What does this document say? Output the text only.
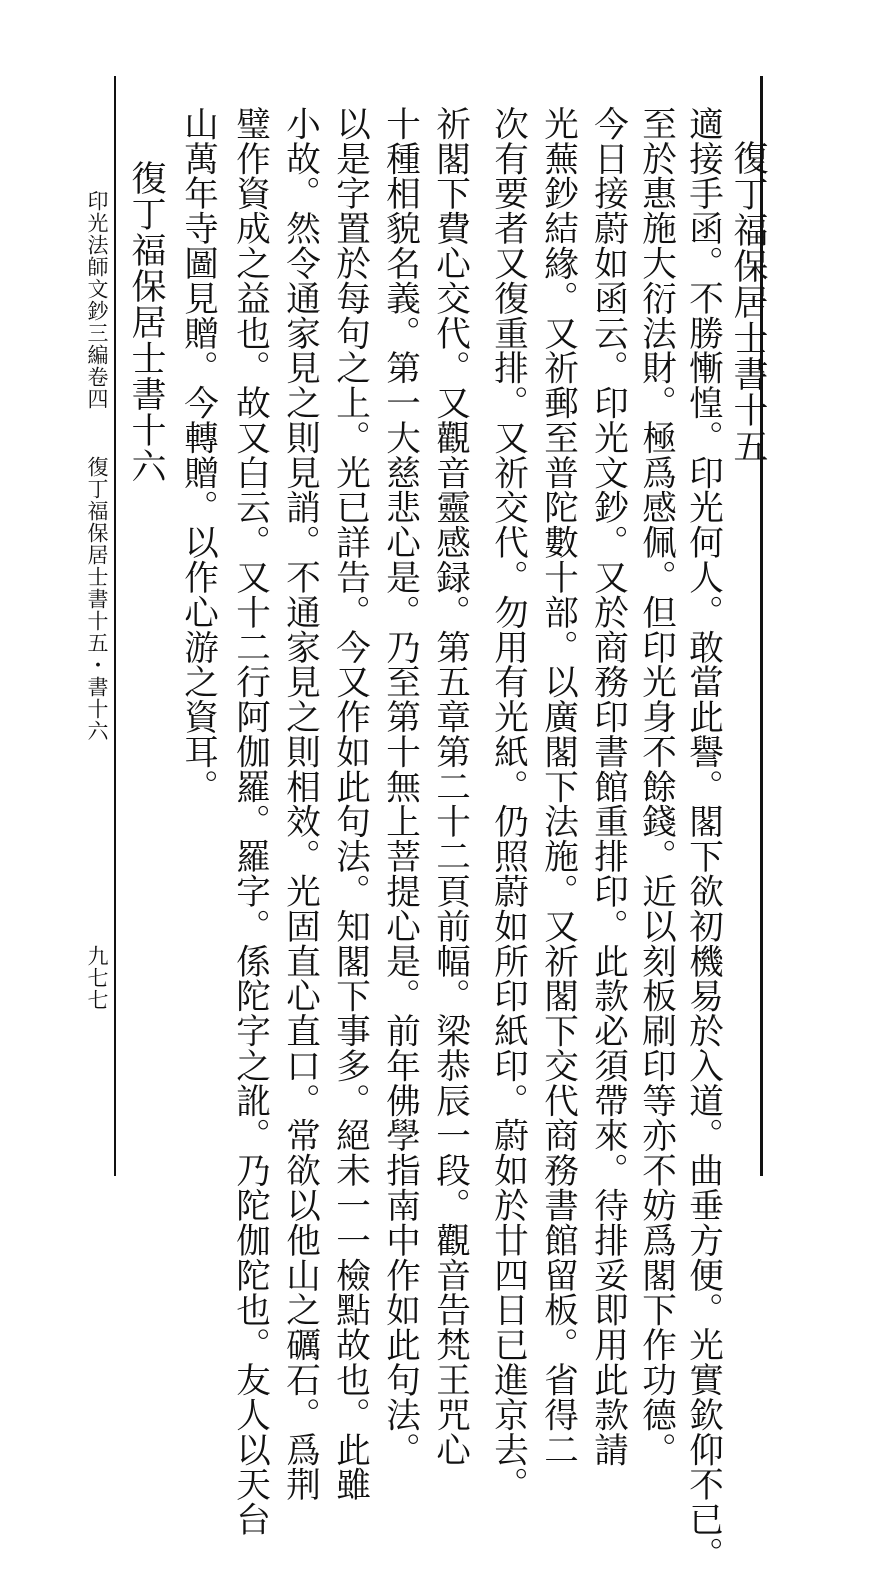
復丁福保居士書十五
適接手函。不勝慚惶。印光何人。敢當此譽。閣下欲初機易於入道。曲垂方便。光實欽仰不已。
至於惠施大衍法財。極爲感佩。但印光身不餘錢。近以刻板刷印等亦不妨爲閣下作功德。
今日接蔚如函云。印光文鈔。又於商務印書館重排印。此款必須帶來。待排妥即用此款請
光蕪鈔結緣。又祈郵至普陀數十部。以廣閣下法施。又祈閣下交代商務書館留板。省得二
次有要者又復重排。又祈交代。勿用有光紙。仍照蔚如所印紙印。蔚如於廿四日已進京去。
祈閣下費心交代。又觀音靈感録。第五章第二十二頁前幅。梁恭辰一段。觀音告梵王咒心
十種相貌名義。第一大慈悲心是。乃至第十無上菩提心是。前年佛學指南中作如此句法。
以是字置於每句之上。光已詳告。今又作如此句法。知閣下事多。絕未一一檢點故也。此雖
小故。然令通家見之則見誚。不通家見之則相效。光固直心直口。常欲以他山之礪石。爲荆
璧作資成之益也。故又白云。又十二行阿伽羅。羅字。係陀字之訛。乃陀伽陀也。友人以天台
山萬年寺圖見贈。今轉贈。以作心游之資耳。
復丁福保居士書十六
印光法師文鈔三編卷四
復丁福保居士書十五・書十六
九七七
